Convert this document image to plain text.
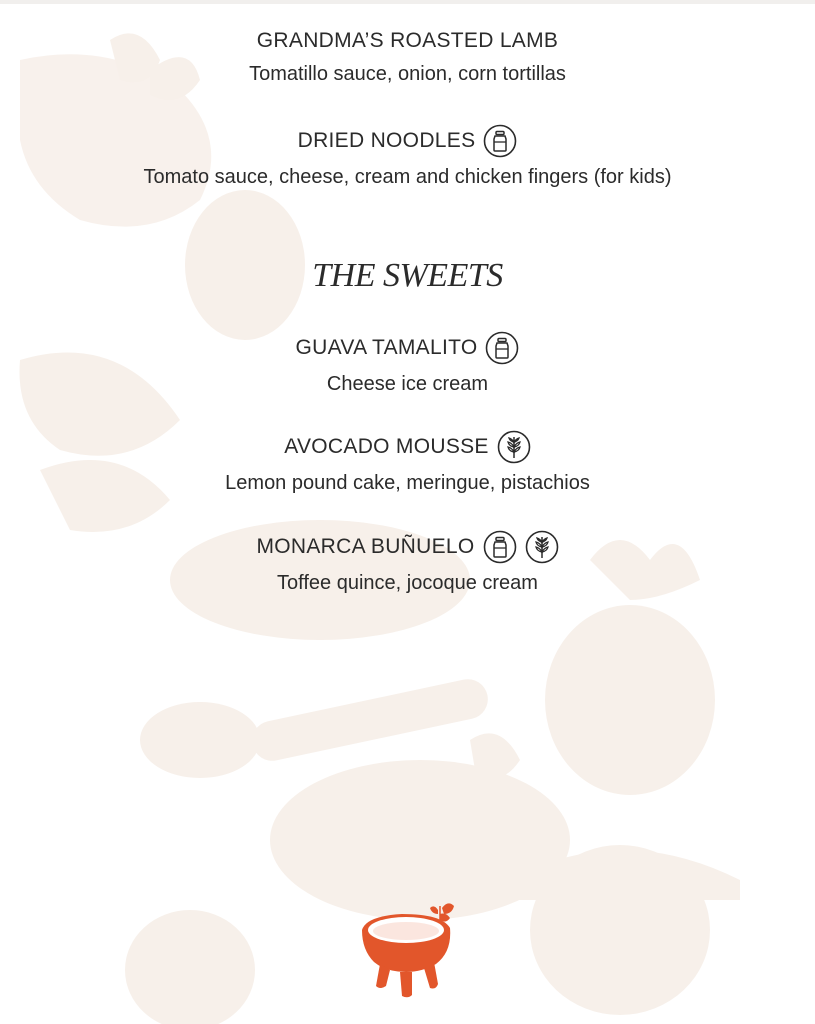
GRANDMA’S ROASTED LAMB
Tomatillo sauce, onion, corn tortillas
DRIED NOODLES
Tomato sauce, cheese, cream and chicken fingers (for kids)
THE SWEETS
GUAVA TAMALITO
Cheese ice cream
AVOCADO MOUSSE
Lemon pound cake, meringue, pistachios
MONARCA BUÑUELO
Toffee quince, jocoque cream
